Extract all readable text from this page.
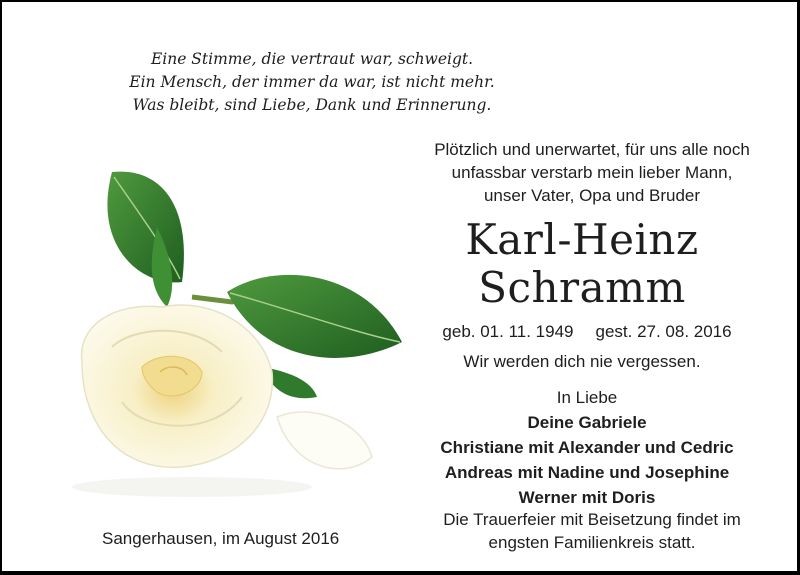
Eine Stimme, die vertraut war, schweigt.
Ein Mensch, der immer da war, ist nicht mehr.
Was bleibt, sind Liebe, Dank und Erinnerung.
Plötzlich und unerwartet, für uns alle noch
unfassbar verstarb mein lieber Mann,
unser Vater, Opa und Bruder
Karl-Heinz
Schramm
geb. 01. 11. 1949 gest. 27. 08. 2016
Wir werden dich nie vergessen.
In Liebe
Deine Gabriele
Christiane mit Alexander und Cedric
Andreas mit Nadine und Josephine
Werner mit Doris
Die Trauerfeier mit Beisetzung findet im
engsten Familienkreis statt.
Sangerhausen, im August 2016
